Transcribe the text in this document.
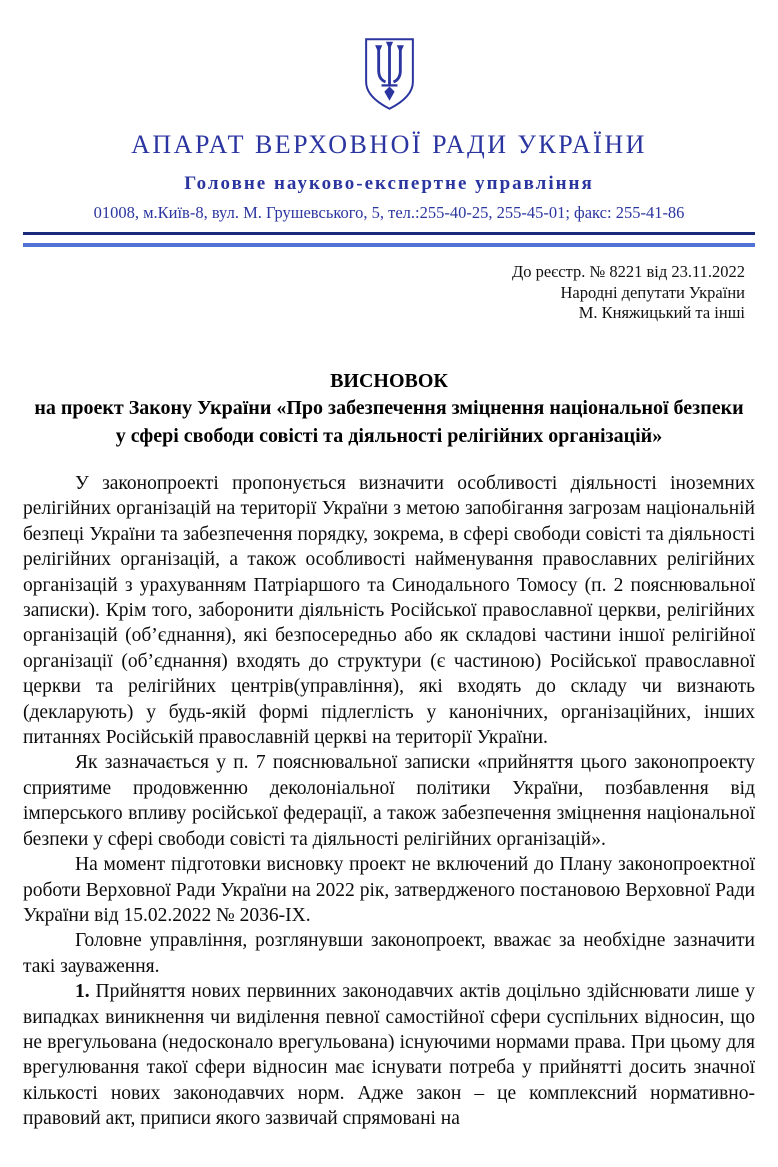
АПАРАТ ВЕРХОВНОЇ РАДИ УКРАЇНИ
Головне науково-експертне управління
01008, м.Київ-8, вул. М. Грушевського, 5, тел.:255-40-25, 255-45-01; факс: 255-41-86
До реєстр. № 8221 від 23.11.2022
Народні депутати України
М. Княжицький та інші
ВИСНОВОК
на проект Закону України «Про забезпечення зміцнення національної безпеки у сфері свободи совісті та діяльності релігійних організацій»

У законопроекті пропонується визначити особливості діяльності іноземних релігійних організацій на території України з метою запобігання загрозам національній безпеці України та забезпечення порядку, зокрема, в сфері свободи совісті та діяльності релігійних організацій, а також особливості найменування православних релігійних організацій з урахуванням Патріаршого та Синодального Томосу (п. 2 пояснювальної записки). Крім того, заборонити діяльність Російської православної церкви, релігійних організацій (об’єднання), які безпосередньо або як складові частини іншої релігійної організації (об’єднання) входять до структури (є частиною) Російської православної церкви та релігійних центрів(управління), які входять до складу чи визнають (декларують) у будь-якій формі підлеглість у канонічних, організаційних, інших питаннях Російській православній церкві на території України.

Як зазначається у п. 7 пояснювальної записки «прийняття цього законопроекту сприятиме продовженню деколоніальної політики України, позбавлення від імперського впливу російської федерації, а також забезпечення зміцнення національної безпеки у сфері свободи совісті та діяльності релігійних організацій».

На момент підготовки висновку проект не включений до Плану законопроектної роботи Верховної Ради України на 2022 рік, затвердженого постановою Верховної Ради України від 15.02.2022 № 2036-IX.

Головне управління, розглянувши законопроект, вважає за необхідне зазначити такі зауваження.

1. Прийняття нових первинних законодавчих актів доцільно здійснювати лише у випадках виникнення чи виділення певної самостійної сфери суспільних відносин, що не врегульована (недосконало врегульована) існуючими нормами права. При цьому для врегулювання такої сфери відносин має існувати потреба у прийнятті досить значної кількості нових законодавчих норм. Адже закон – це комплексний нормативно-правовий акт, приписи якого зазвичай спрямовані на
